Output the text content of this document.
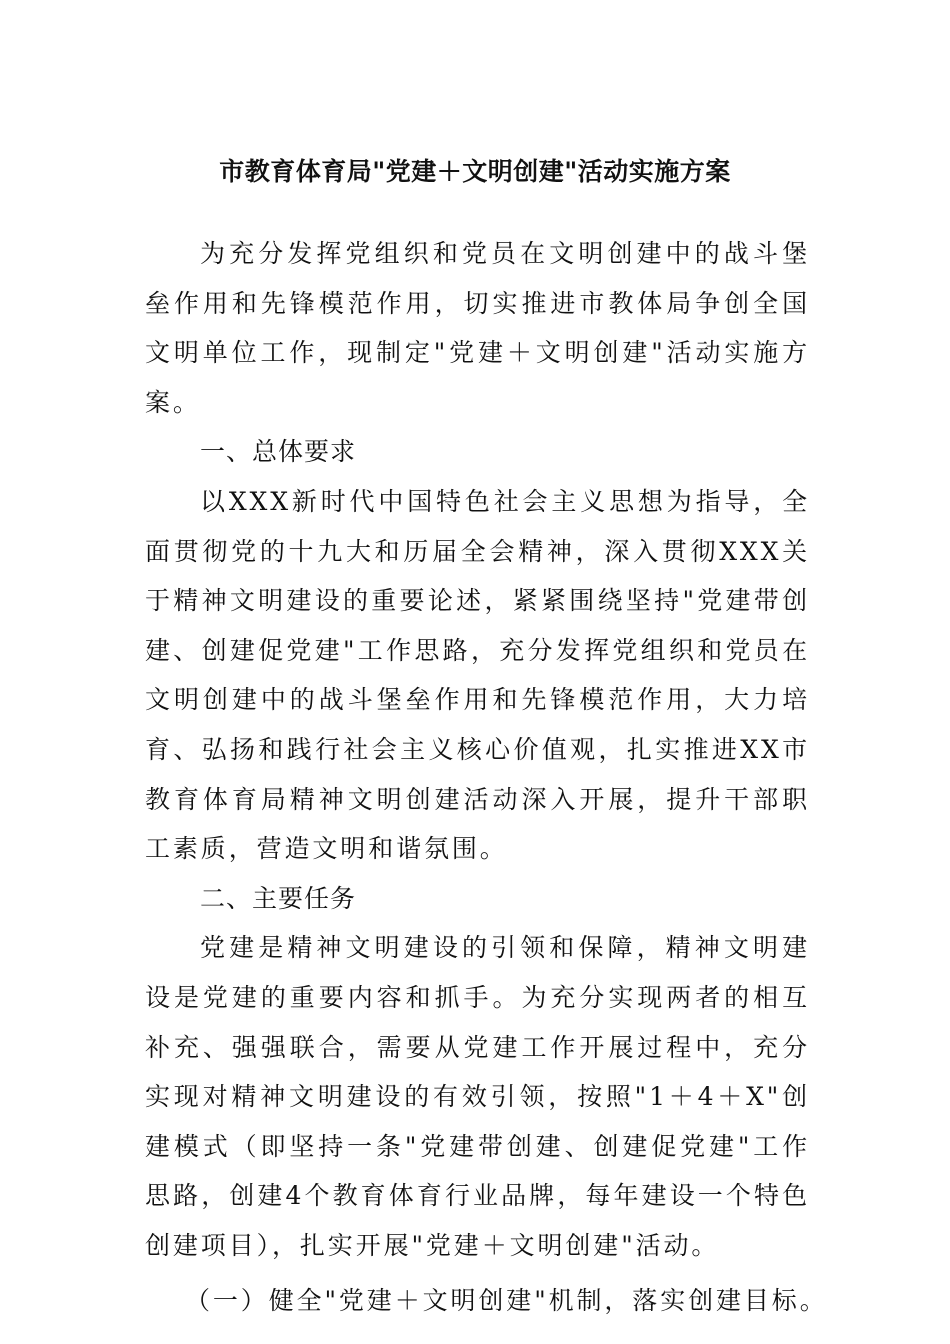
市教育体育局"党建＋文明创建"活动实施方案

为充分发挥党组织和党员在文明创建中的战斗堡垒作用和先锋模范作用，切实推进市教体局争创全国文明单位工作，现制定"党建＋文明创建"活动实施方案。

一、总体要求

以XXX新时代中国特色社会主义思想为指导，全面贯彻党的十九大和历届全会精神，深入贯彻XXX关于精神文明建设的重要论述，紧紧围绕坚持"党建带创建、创建促党建"工作思路，充分发挥党组织和党员在文明创建中的战斗堡垒作用和先锋模范作用，大力培育、弘扬和践行社会主义核心价值观，扎实推进XX市教育体育局精神文明创建活动深入开展，提升干部职工素质，营造文明和谐氛围。

二、主要任务

党建是精神文明建设的引领和保障，精神文明建设是党建的重要内容和抓手。为充分实现两者的相互补充、强强联合，需要从党建工作开展过程中，充分实现对精神文明建设的有效引领，按照"1＋4＋X"创建模式（即坚持一条"党建带创建、创建促党建"工作思路，创建4个教育体育行业品牌，每年建设一个特色创建项目），扎实开展"党建＋文明创建"活动。

（一）健全"党建＋文明创建"机制，落实创建目标。
